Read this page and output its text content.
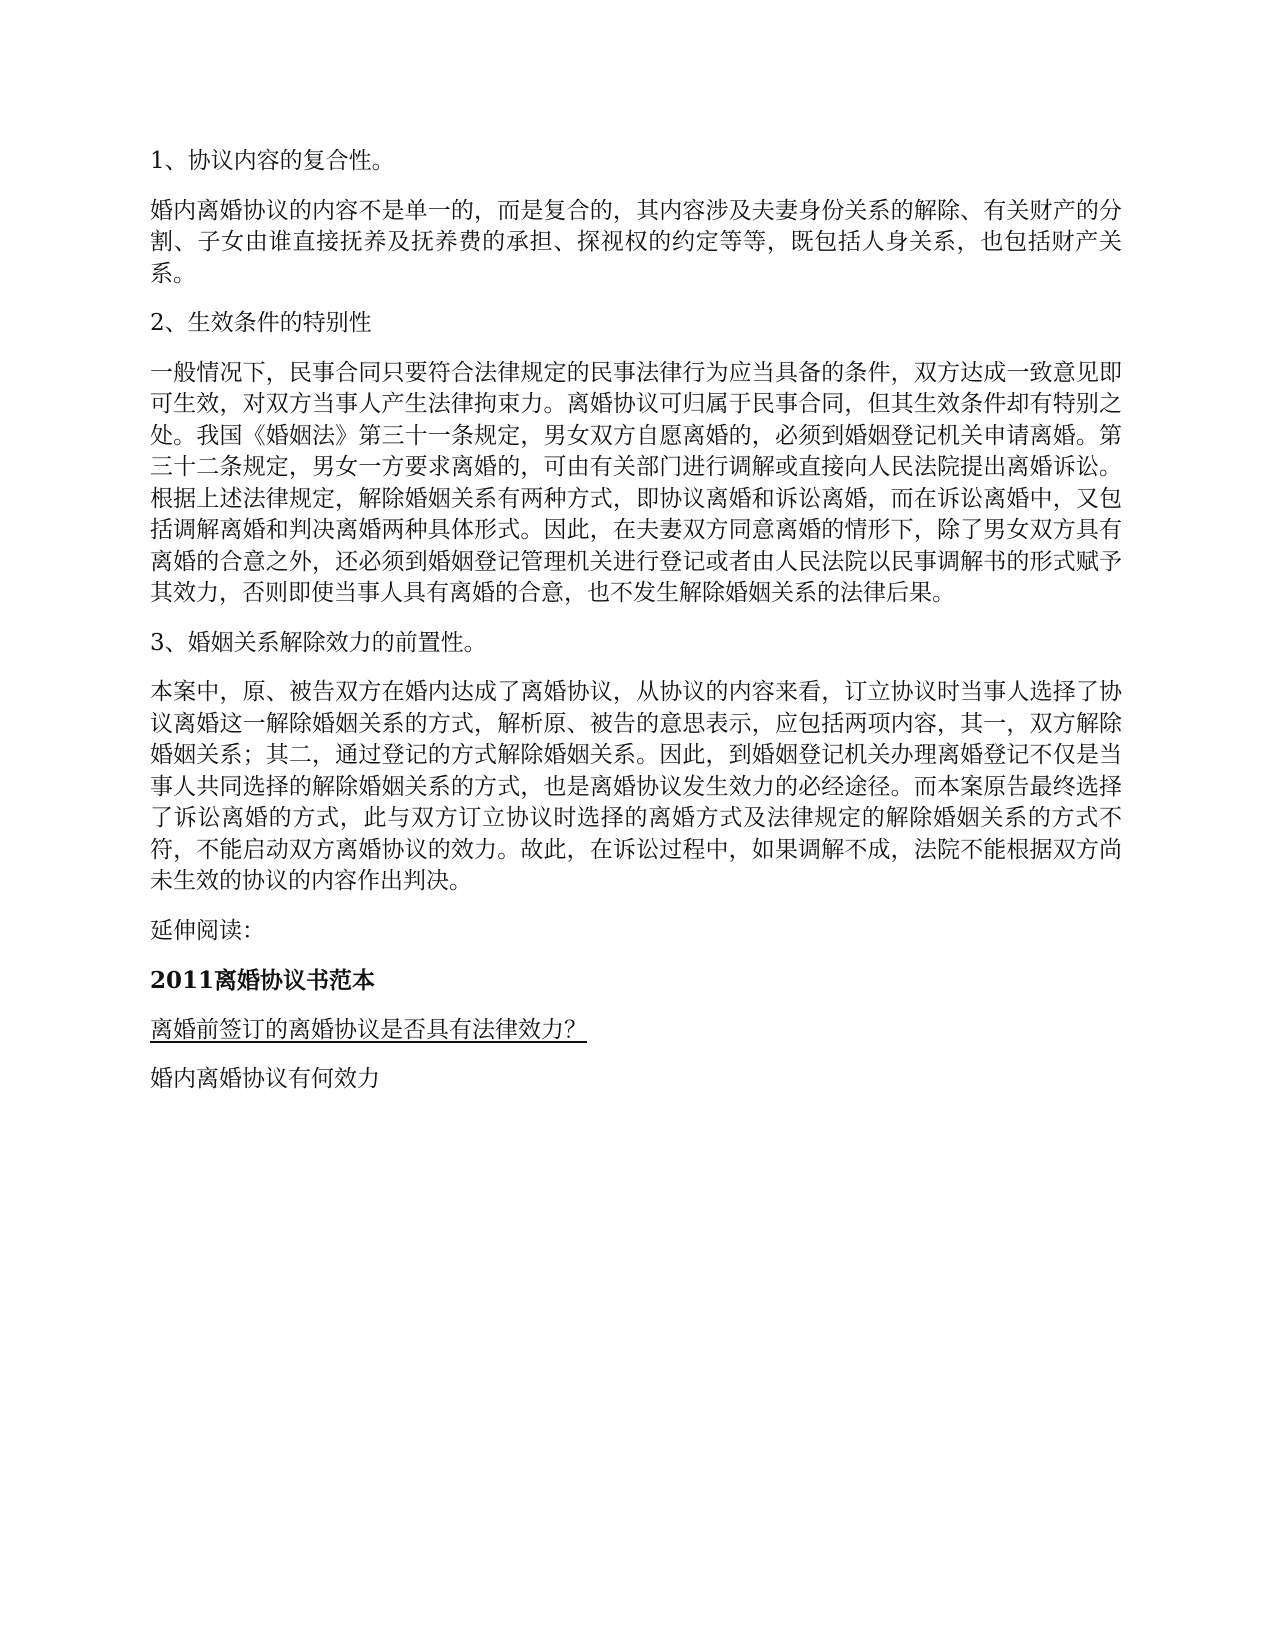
1、协议内容的复合性。
婚内离婚协议的内容不是单一的，而是复合的，其内容涉及夫妻身份关系的解除、有关财产的分割、子女由谁直接抚养及抚养费的承担、探视权的约定等等，既包括人身关系，也包括财产关系。
2、生效条件的特别性
一般情况下，民事合同只要符合法律规定的民事法律行为应当具备的条件，双方达成一致意见即可生效，对双方当事人产生法律拘束力。离婚协议可归属于民事合同，但其生效条件却有特别之处。我国《婚姻法》第三十一条规定，男女双方自愿离婚的，必须到婚姻登记机关申请离婚。第三十二条规定，男女一方要求离婚的，可由有关部门进行调解或直接向人民法院提出离婚诉讼。根据上述法律规定，解除婚姻关系有两种方式，即协议离婚和诉讼离婚，而在诉讼离婚中，又包括调解离婚和判决离婚两种具体形式。因此，在夫妻双方同意离婚的情形下，除了男女双方具有离婚的合意之外，还必须到婚姻登记管理机关进行登记或者由人民法院以民事调解书的形式赋予其效力，否则即使当事人具有离婚的合意，也不发生解除婚姻关系的法律后果。
3、婚姻关系解除效力的前置性。
本案中，原、被告双方在婚内达成了离婚协议，从协议的内容来看，订立协议时当事人选择了协议离婚这一解除婚姻关系的方式，解析原、被告的意思表示，应包括两项内容，其一，双方解除婚姻关系；其二，通过登记的方式解除婚姻关系。因此，到婚姻登记机关办理离婚登记不仅是当事人共同选择的解除婚姻关系的方式，也是离婚协议发生效力的必经途径。而本案原告最终选择了诉讼离婚的方式，此与双方订立协议时选择的离婚方式及法律规定的解除婚姻关系的方式不符，不能启动双方离婚协议的效力。故此，在诉讼过程中，如果调解不成，法院不能根据双方尚未生效的协议的内容作出判决。
延伸阅读：
2011离婚协议书范本
离婚前签订的离婚协议是否具有法律效力？
婚内离婚协议有何效力
